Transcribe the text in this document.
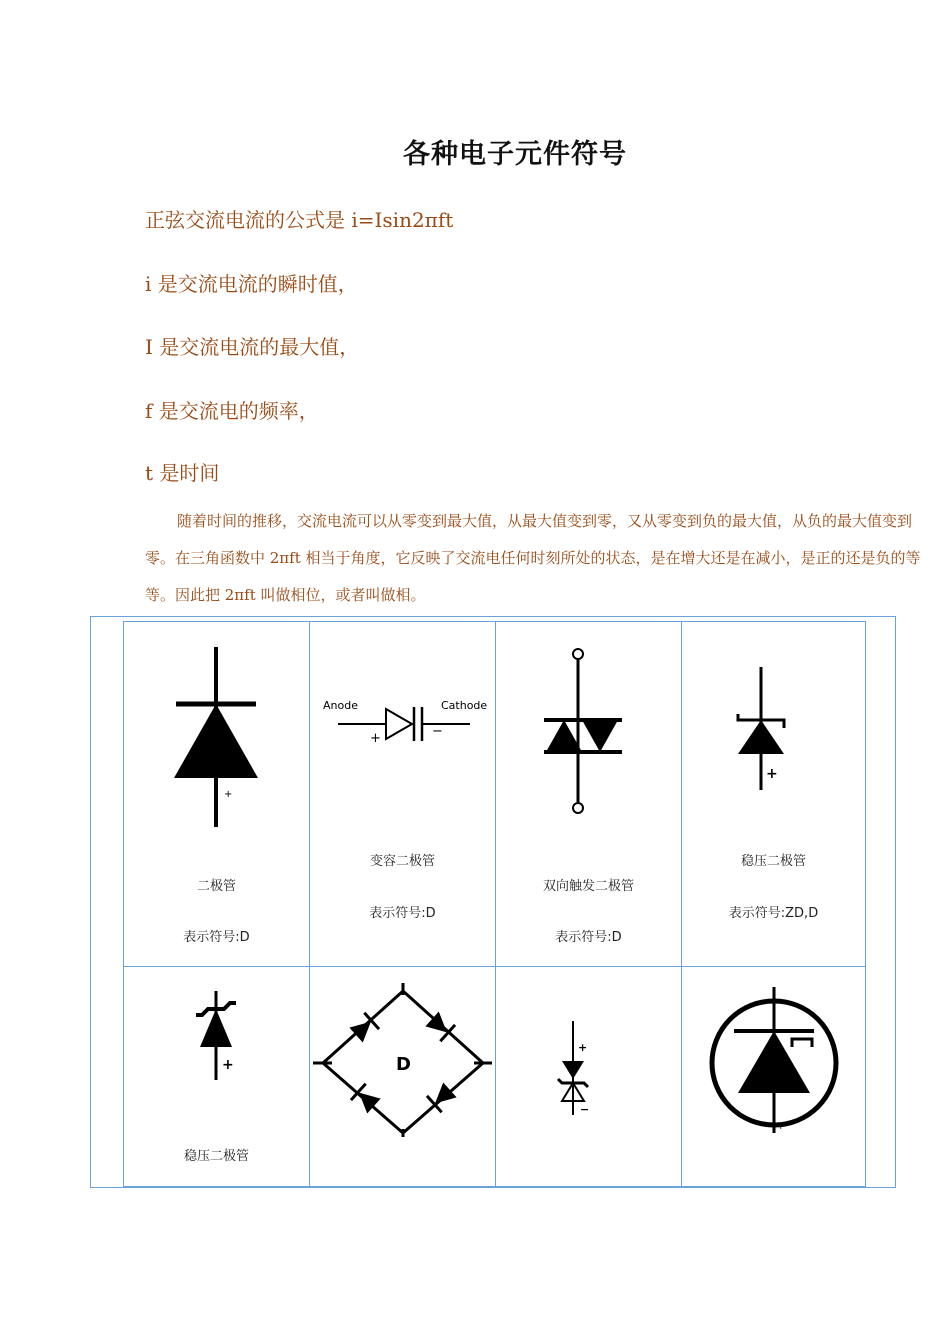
各种电子元件符号
正弦交流电流的公式是 i=Isin2πft
i 是交流电流的瞬时值，
I 是交流电流的最大值，
f 是交流电的频率，
t 是时间
随着时间的推移，交流电流可以从零变到最大值，从最大值变到零，又从零变到负的最大值，从负的最大值变到零。在三角函数中 2πft 相当于角度，它反映了交流电任何时刻所处的状态，是在增大还是在减小，是正的还是负的等等。因此把 2πft 叫做相位，或者叫做相。
+
二极管
表示符号:D
Anode	Cathode
+	−
变容二极管
表示符号:D
双向触发二极管
表示符号:D
+
稳压二极管
表示符号:ZD,D
+
稳压二极管
D
+
−
+
